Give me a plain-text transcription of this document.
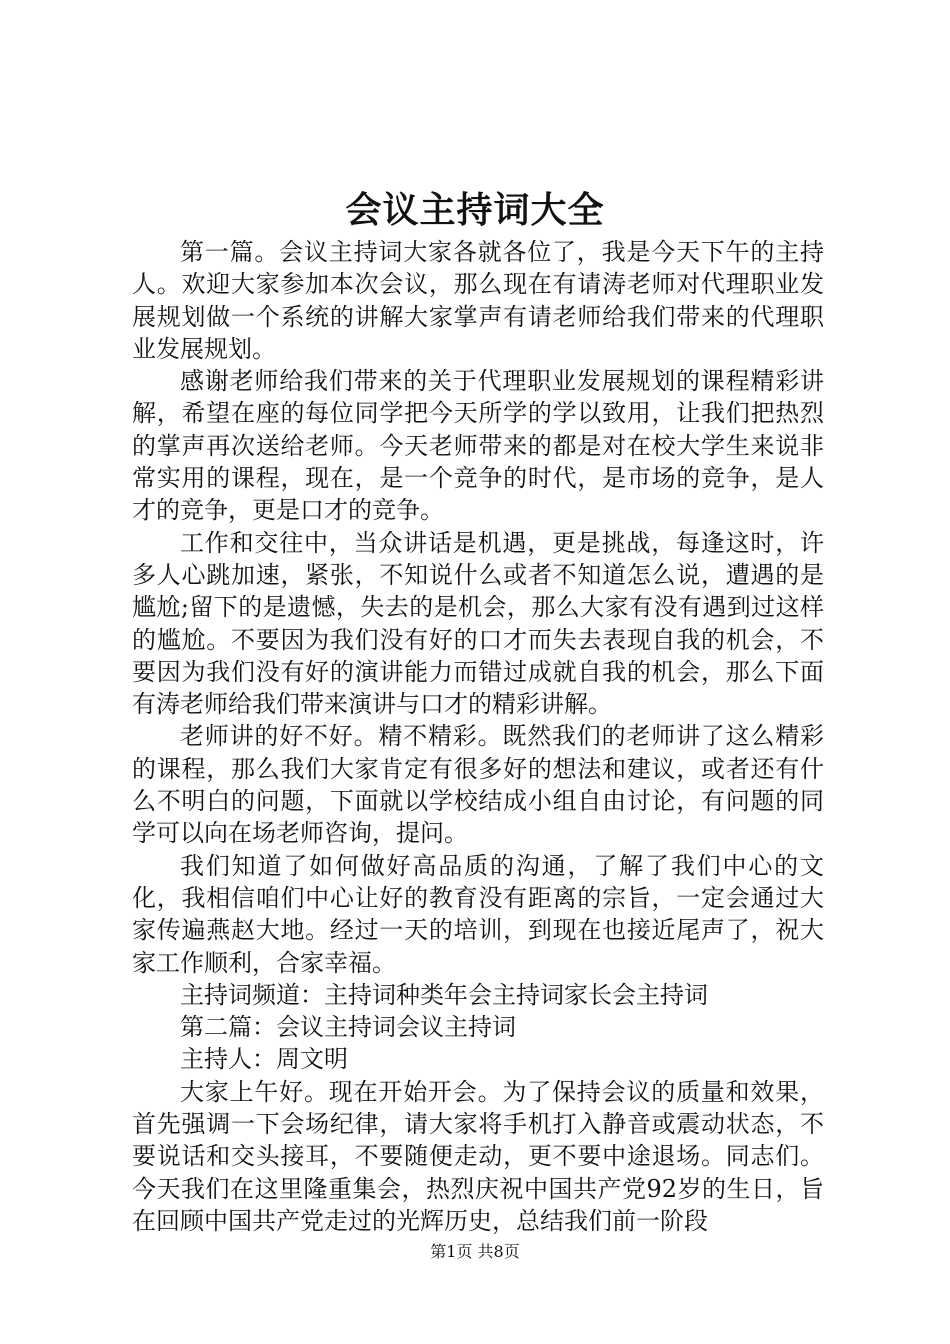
会议主持词大全

第一篇。会议主持词大家各就各位了，我是今天下午的主持人。欢迎大家参加本次会议，那么现在有请涛老师对代理职业发展规划做一个系统的讲解大家掌声有请老师给我们带来的代理职业发展规划。

感谢老师给我们带来的关于代理职业发展规划的课程精彩讲解，希望在座的每位同学把今天所学的学以致用，让我们把热烈的掌声再次送给老师。今天老师带来的都是对在校大学生来说非常实用的课程，现在，是一个竞争的时代，是市场的竞争，是人才的竞争，更是口才的竞争。

工作和交往中，当众讲话是机遇，更是挑战，每逢这时，许多人心跳加速，紧张，不知说什么或者不知道怎么说，遭遇的是尴尬;留下的是遗憾，失去的是机会，那么大家有没有遇到过这样的尴尬。不要因为我们没有好的口才而失去表现自我的机会，不要因为我们没有好的演讲能力而错过成就自我的机会，那么下面有涛老师给我们带来演讲与口才的精彩讲解。

老师讲的好不好。精不精彩。既然我们的老师讲了这么精彩的课程，那么我们大家肯定有很多好的想法和建议，或者还有什么不明白的问题，下面就以学校结成小组自由讨论，有问题的同学可以向在场老师咨询，提问。

我们知道了如何做好高品质的沟通，了解了我们中心的文化，我相信咱们中心让好的教育没有距离的宗旨，一定会通过大家传遍燕赵大地。经过一天的培训，到现在也接近尾声了，祝大家工作顺利，合家幸福。

主持词频道：主持词种类年会主持词家长会主持词

第二篇：会议主持词会议主持词

主持人：周文明

大家上午好。现在开始开会。为了保持会议的质量和效果，首先强调一下会场纪律，请大家将手机打入静音或震动状态，不要说话和交头接耳，不要随便走动，更不要中途退场。同志们。今天我们在这里隆重集会，热烈庆祝中国共产党92岁的生日，旨在回顾中国共产党走过的光辉历史，总结我们前一阶段

第1页 共8页
